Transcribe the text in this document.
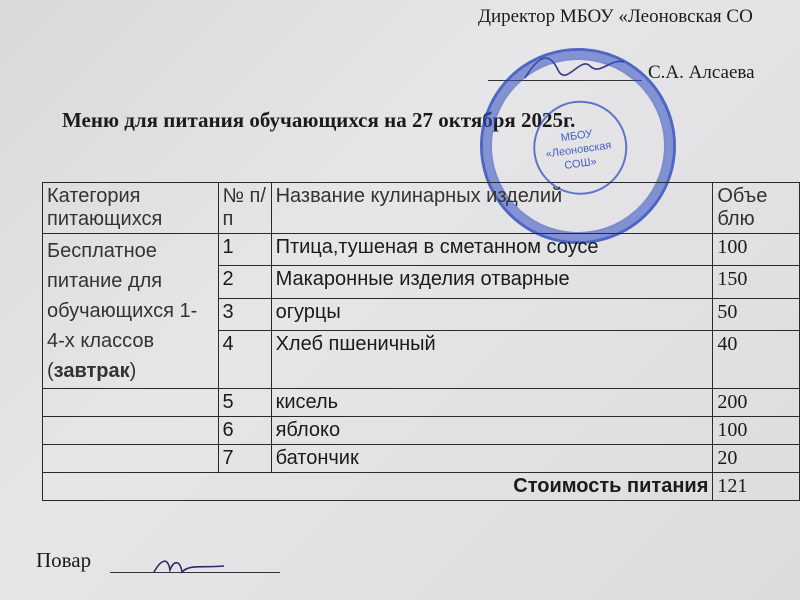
Директор МБОУ «Леоновская СО
С.А. Алсаева
Меню для питания обучающихся на 27 октября 2025г.
МБОУ
«Леоновская
СОШ»
Категория питающихся	№ п/п	Название кулинарных изделий	Объе блю
Бесплатное питание для обучающихся 1-4-х классов (завтрак)	1	Птица,тушеная в сметанном соусе	100
	2	Макаронные изделия отварные	150
	3	огурцы	50
	4	Хлеб пшеничный	40
	5	кисель	200
	6	яблоко	100
	7	батончик	20
Стоимость питания			121
Повар
